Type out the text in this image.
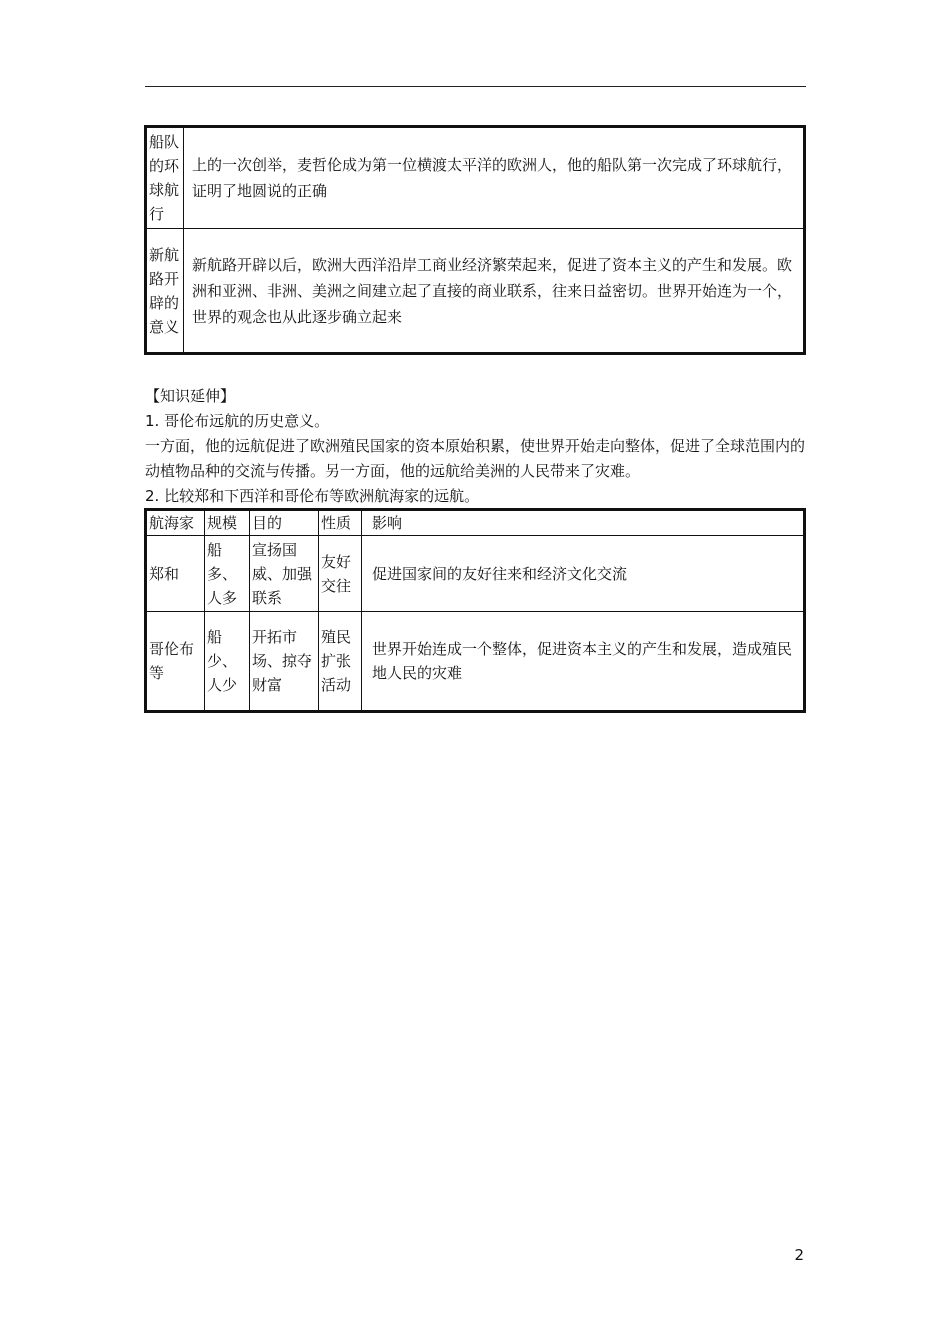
船队的环球航行	上的一次创举，麦哲伦成为第一位横渡太平洋的欧洲人，他的船队第一次完成了环球航行，证明了地圆说的正确
新航路开辟的意义	新航路开辟以后，欧洲大西洋沿岸工商业经济繁荣起来，促进了资本主义的产生和发展。欧洲和亚洲、非洲、美洲之间建立起了直接的商业联系，往来日益密切。世界开始连为一个，世界的观念也从此逐步确立起来

【知识延伸】

1. 哥伦布远航的历史意义。

一方面，他的远航促进了欧洲殖民国家的资本原始积累，使世界开始走向整体，促进了全球范围内的动植物品种的交流与传播。另一方面，他的远航给美洲的人民带来了灾难。

2. 比较郑和下西洋和哥伦布等欧洲航海家的远航。

航海家	规模	目的	性质	影响
郑和	船多、人多	宣扬国威、加强联系	友好交往	促进国家间的友好往来和经济文化交流
哥伦布等	船少、人少	开拓市场、掠夺财富	殖民扩张活动	世界开始连成一个整体，促进资本主义的产生和发展，造成殖民地人民的灾难
2
